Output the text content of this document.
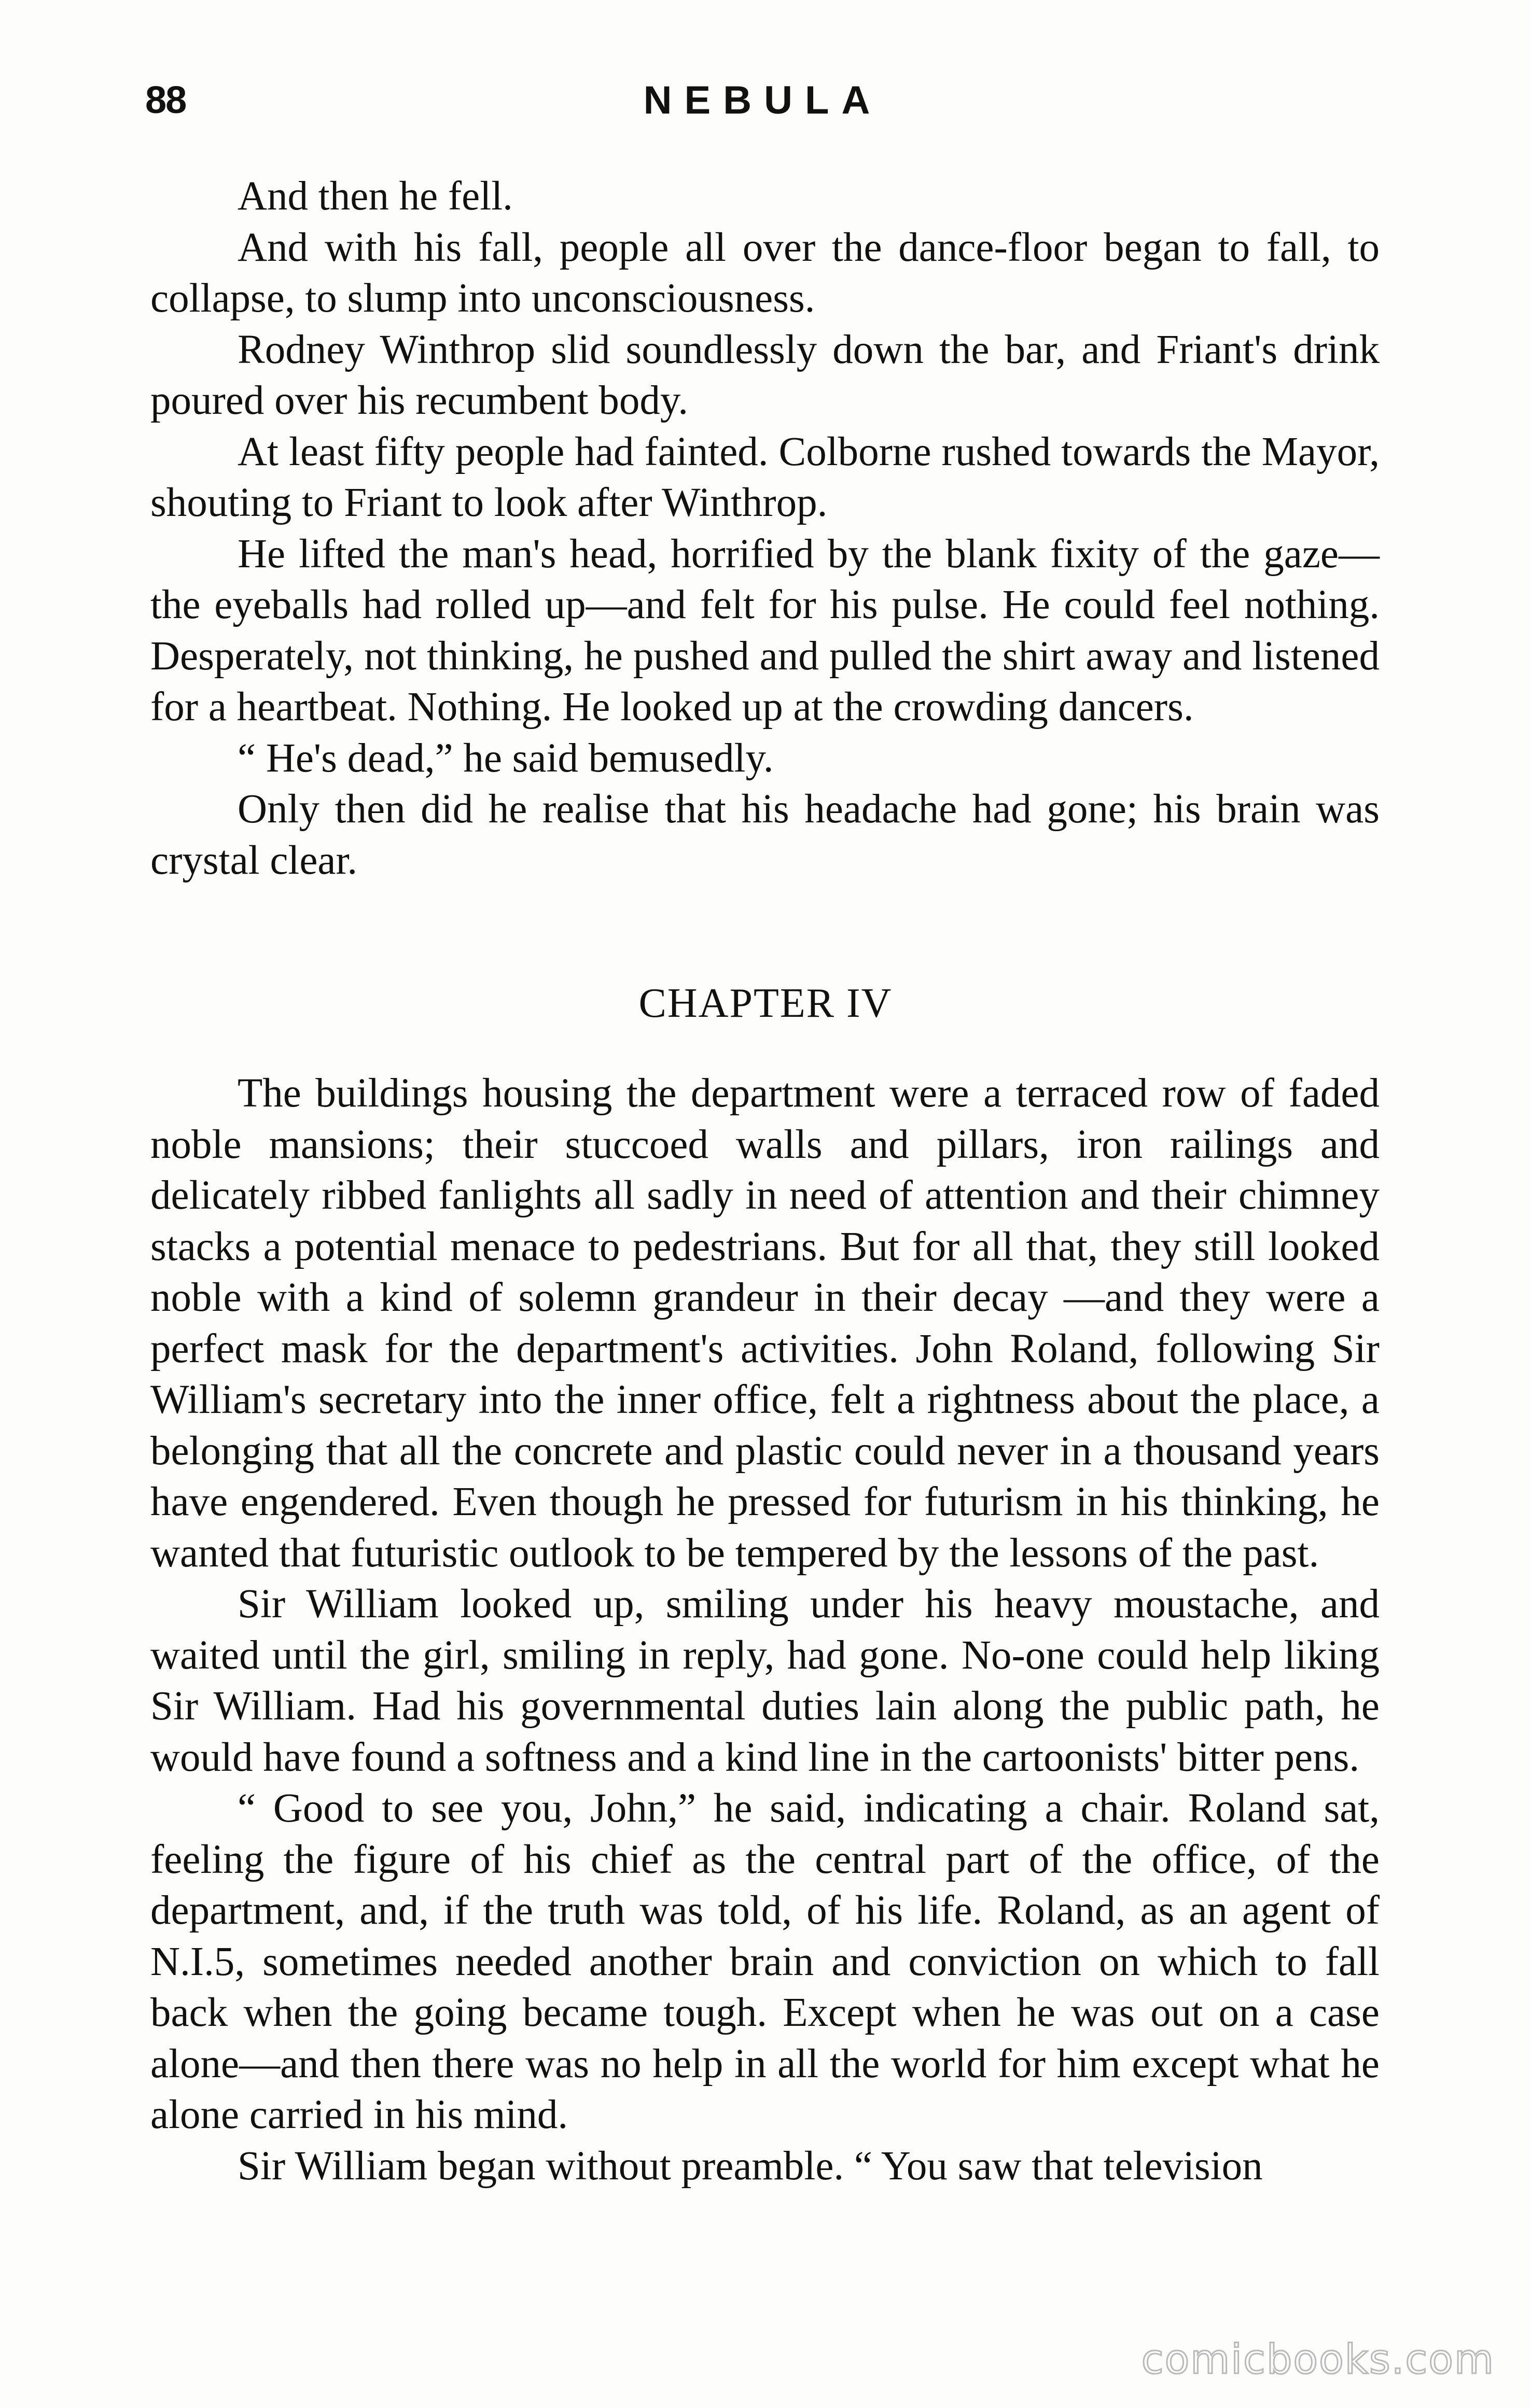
88	NEBULA

And then he fell.

And with his fall, people all over the dance-floor began to fall, to collapse, to slump into unconsciousness.

Rodney Winthrop slid soundlessly down the bar, and Friant's drink poured over his recumbent body.

At least fifty people had fainted. Colborne rushed towards the Mayor, shouting to Friant to look after Winthrop.

He lifted the man's head, horrified by the blank fixity of the gaze—the eyeballs had rolled up—and felt for his pulse. He could feel nothing. Desperately, not thinking, he pushed and pulled the shirt away and listened for a heartbeat. Nothing. He looked up at the crowding dancers.

“ He's dead,” he said bemusedly.

Only then did he realise that his headache had gone; his brain was crystal clear.

CHAPTER IV

The buildings housing the department were a terraced row of faded noble mansions; their stuccoed walls and pillars, iron railings and delicately ribbed fanlights all sadly in need of attention and their chimney stacks a potential menace to pedestrians. But for all that, they still looked noble with a kind of solemn grandeur in their decay —and they were a perfect mask for the department's activities. John Roland, following Sir William's secretary into the inner office, felt a rightness about the place, a belonging that all the concrete and plastic could never in a thousand years have engendered. Even though he pressed for futurism in his thinking, he wanted that futuristic outlook to be tempered by the lessons of the past.

Sir William looked up, smiling under his heavy moustache, and waited until the girl, smiling in reply, had gone. No-one could help liking Sir William. Had his governmental duties lain along the public path, he would have found a softness and a kind line in the cartoonists' bitter pens.

“ Good to see you, John,” he said, indicating a chair. Roland sat, feeling the figure of his chief as the central part of the office, of the department, and, if the truth was told, of his life. Roland, as an agent of N.I.5, sometimes needed another brain and conviction on which to fall back when the going became tough. Except when he was out on a case alone—and then there was no help in all the world for him except what he alone carried in his mind.

Sir William began without preamble. “ You saw that television

comicbooks.com
